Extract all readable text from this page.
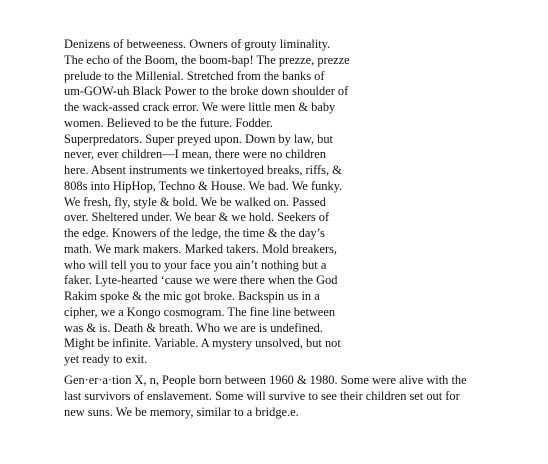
Denizens of betweeness. Owners of grouty liminality.
The echo of the Boom, the boom-bap! The prezze, prezze
prelude to the Millenial. Stretched from the banks of
um-GOW-uh Black Power to the broke down shoulder of
the wack-assed crack error. We were little men & baby
women. Believed to be the future. Fodder.
Superpredators. Super preyed upon. Down by law, but
never, ever children—I mean, there were no children
here. Absent instruments we tinkertoyed breaks, riffs, &
808s into HipHop, Techno & House. We bad. We funky.
We fresh, fly, style & bold. We be walked on. Passed
over. Sheltered under. We bear & we hold. Seekers of
the edge. Knowers of the ledge, the time & the day’s
math. We mark makers. Marked takers. Mold breakers,
who will tell you to your face you ain’t nothing but a
faker. Lyte-hearted ‘cause we were there when the God
Rakim spoke & the mic got broke. Backspin us in a
cipher, we a Kongo cosmogram. The fine line between
was & is. Death & breath. Who we are is undefined.
Might be infinite. Variable. A mystery unsolved, but not
yet ready to exit.
Gen·er·a·tion X, n, People born between 1960 & 1980. Some were alive with the
last survivors of enslavement. Some will survive to see their children set out for
new suns. We be memory, similar to a bridge.e.
